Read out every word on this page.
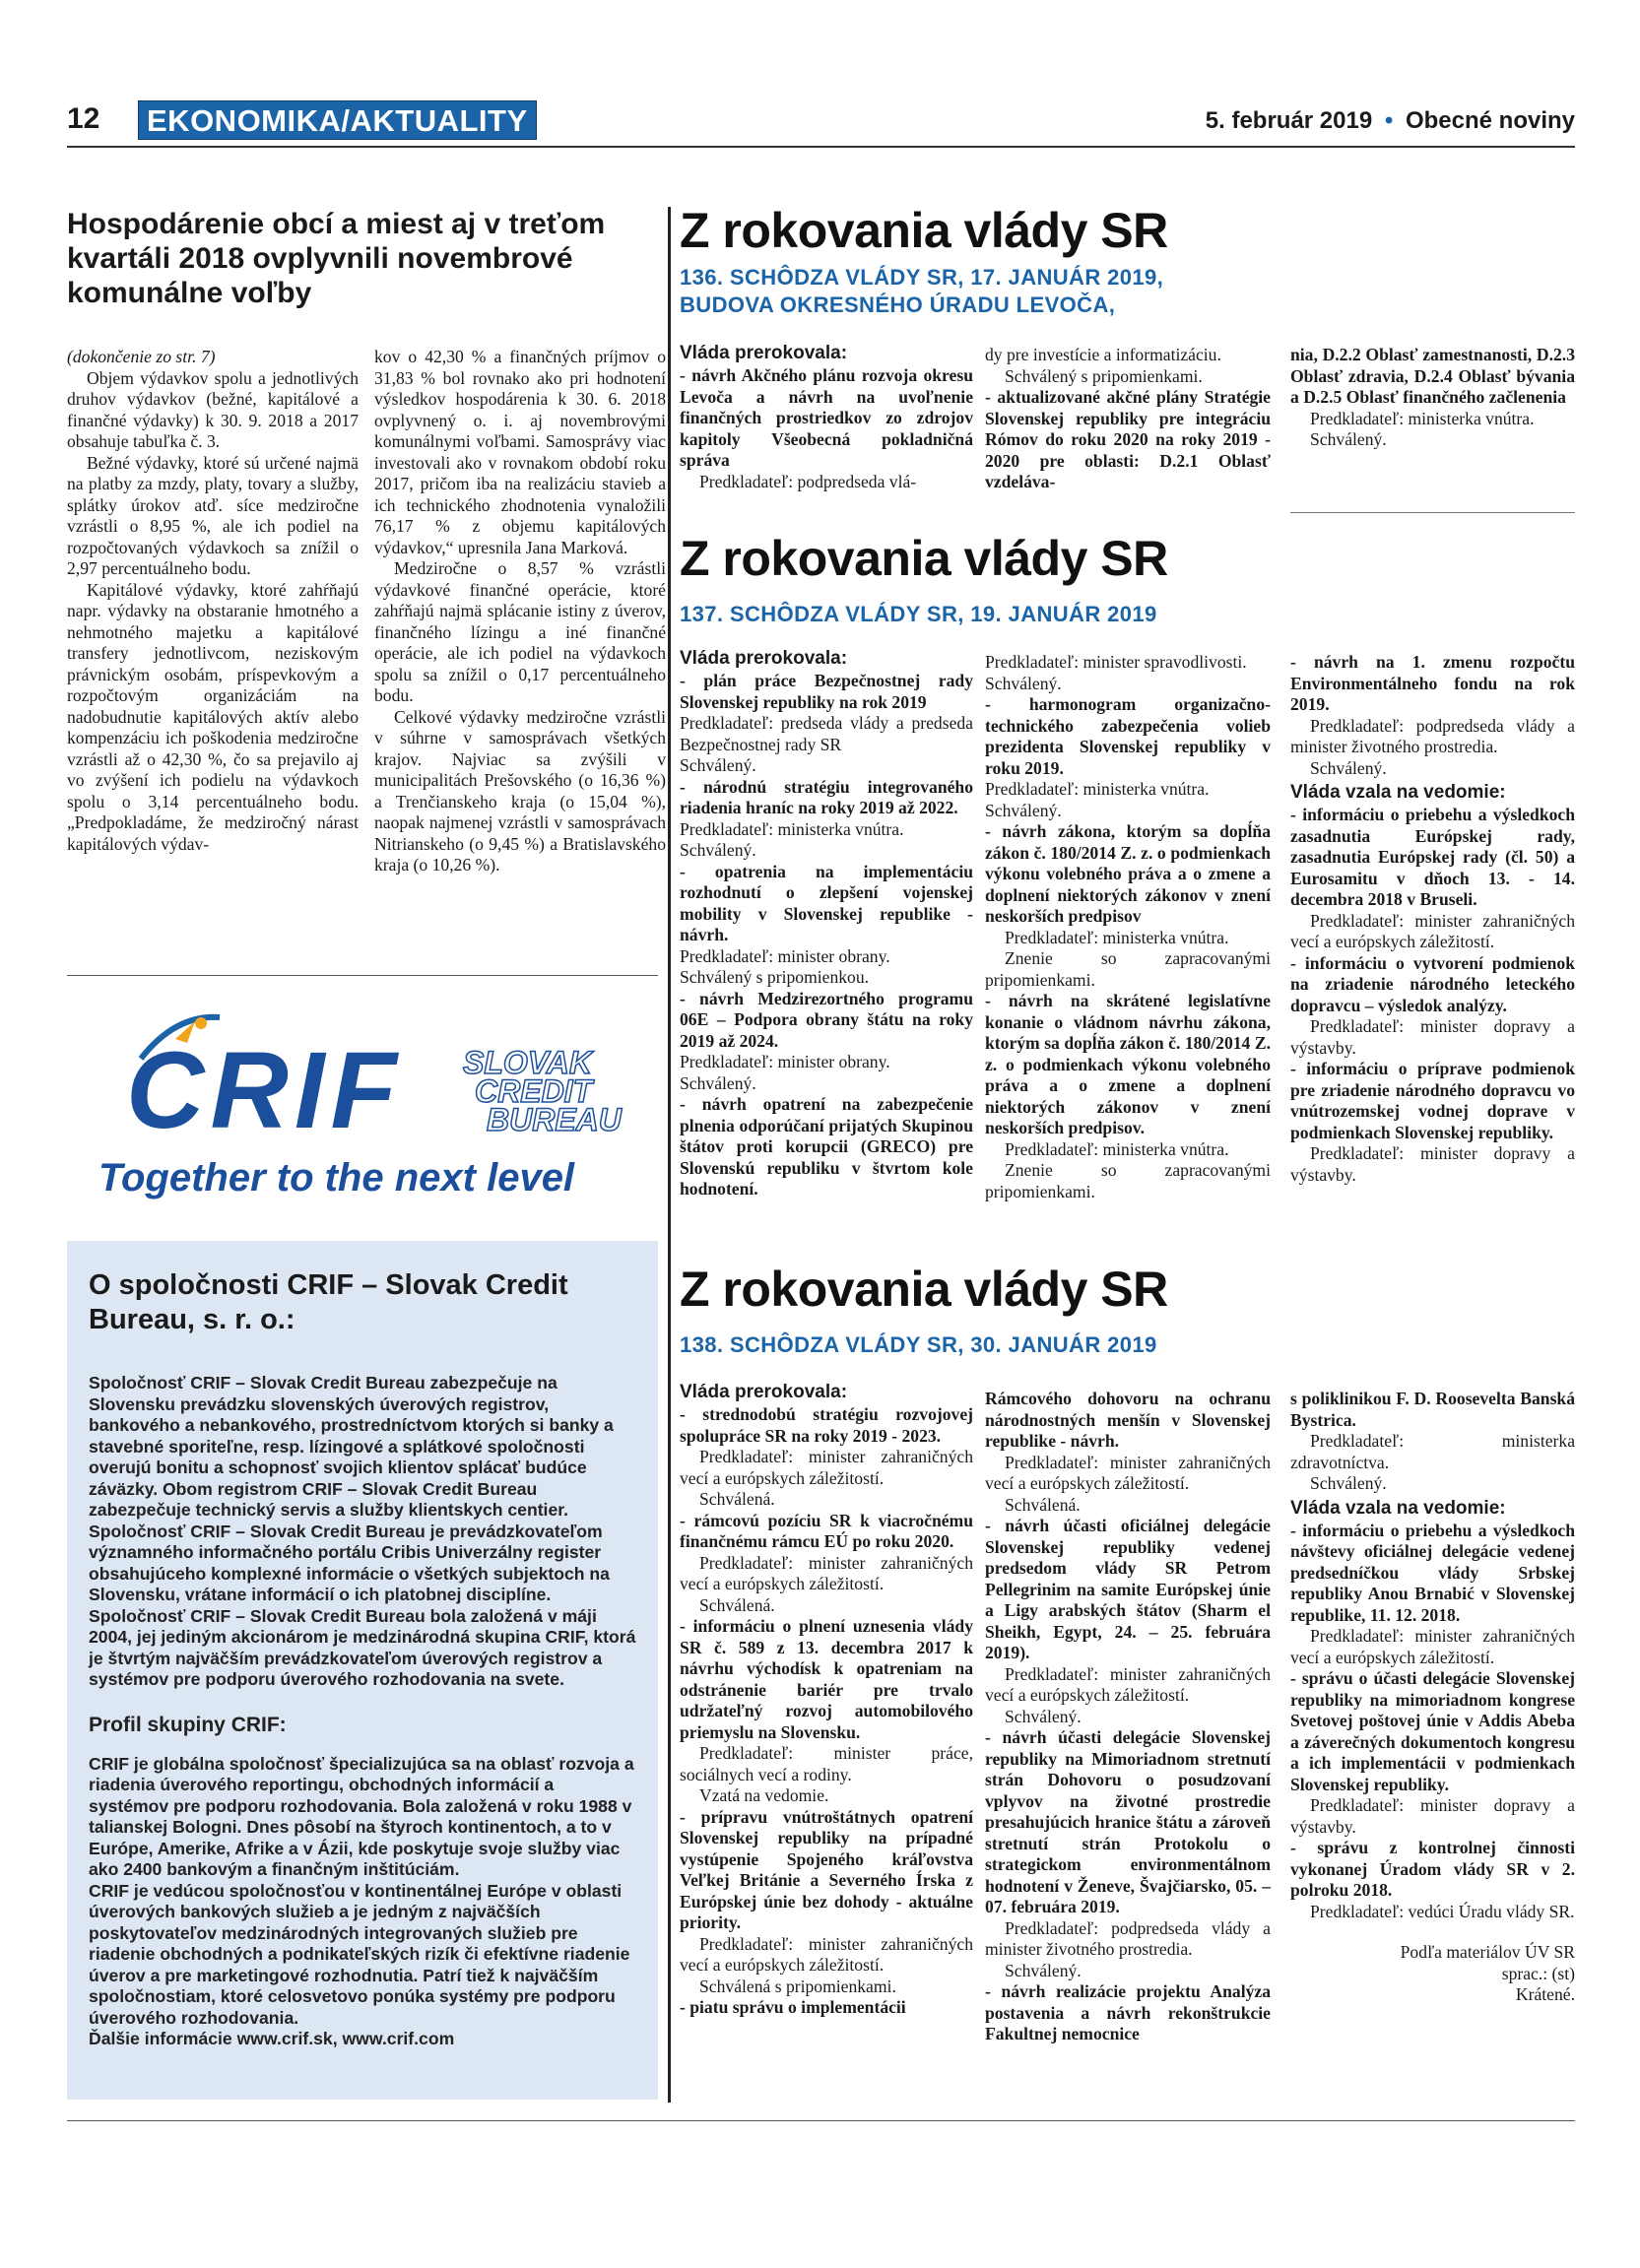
12 EKONOMIKA/AKTUALITY	5. február 2019 • Obecné noviny
Hospodárenie obcí a miest aj v treťom kvartáli 2018 ovplyvnili novembrové komunálne voľby

(dokončenie zo str. 7)

Objem výdavkov spolu a jednotlivých druhov výdavkov (bežné, kapitálové a finančné výdavky) k 30. 9. 2018 a 2017 obsahuje tabuľka č. 3.

Bežné výdavky, ktoré sú určené najmä na platby za mzdy, platy, tovary a služby, splátky úrokov atď. síce medziročne vzrástli o 8,95 %, ale ich podiel na rozpočtovaných výdavkoch sa znížil o 2,97 percentuálneho bodu.

Kapitálové výdavky, ktoré zahŕňajú napr. výdavky na obstaranie hmotného a nehmotného majetku a kapitálové transfery jednotlivcom, neziskovým právnickým osobám, príspevkovým a rozpočtovým organizáciám na nadobudnutie kapitálových aktív alebo kompenzáciu ich poškodenia medziročne vzrástli až o 42,30 %, čo sa prejavilo aj vo zvýšení ich podielu na výdavkoch spolu o 3,14 percentuálneho bodu. „Predpokladáme, že medziročný nárast kapitálových výdav-

kov o 42,30 % a finančných príjmov o 31,83 % bol rovnako ako pri hodnotení výsledkov hospodárenia k 30. 6. 2018 ovplyvnený o. i. aj novembrovými komunálnymi voľbami. Samosprávy viac investovali ako v rovnakom období roku 2017, pričom iba na realizáciu stavieb a ich technického zhodnotenia vynaložili 76,17 % z objemu kapitálových výdavkov,“ upresnila Jana Marková.

Medziročne o 8,57 % vzrástli výdavkové finančné operácie, ktoré zahŕňajú najmä splácanie istiny z úverov, finančného lízingu a iné finančné operácie, ale ich podiel na výdavkoch spolu sa znížil o 0,17 percentuálneho bodu.

Celkové výdavky medziročne vzrástli v súhrne v samosprávach všetkých krajov. Najviac sa zvýšili v municipalitách Prešovského (o 16,36 %) a Trenčianskeho kraja (o 15,04 %), naopak najmenej vzrástli v samosprávach Nitrianskeho (o 9,45 %) a Bratislavského kraja (o 10,26 %).

CRIF SLOVAK
CREDIT
BUREAU
Together to the next level
O spoločnosti CRIF – Slovak Credit Bureau, s. r. o.:
Spoločnosť CRIF – Slovak Credit Bureau zabezpečuje na Slovensku prevádzku slovenských úverových registrov, bankového a nebankového, prostredníctvom ktorých si banky a stavebné sporiteľne, resp. lízingové a splátkové spoločnosti overujú bonitu a schopnosť svojich klientov splácať budúce záväzky. Obom registrom CRIF – Slovak Credit Bureau zabezpečuje technický servis a služby klientskych centier. Spoločnosť CRIF – Slovak Credit Bureau je prevádzkovateľom významného informačného portálu Cribis Univerzálny register obsahujúceho komplexné informácie o všetkých subjektoch na Slovensku, vrátane informácií o ich platobnej disciplíne.
Spoločnosť CRIF – Slovak Credit Bureau bola založená v máji 2004, jej jediným akcionárom je medzinárodná skupina CRIF, ktorá je štvrtým najväčším prevádzkovateľom úverových registrov a systémov pre podporu úverového rozhodovania na svete.
Profil skupiny CRIF:
CRIF je globálna spoločnosť špecializujúca sa na oblasť rozvoja a riadenia úverového reportingu, obchodných informácií a systémov pre podporu rozhodovania. Bola založená v roku 1988 v talianskej Bologni. Dnes pôsobí na štyroch kontinentoch, a to v Európe, Amerike, Afrike a v Ázii, kde poskytuje svoje služby viac ako 2400 bankovým a finančným inštitúciám.
CRIF je vedúcou spoločnosťou v kontinentálnej Európe v oblasti úverových bankových služieb a je jedným z najväčších poskytovateľov medzinárodných integrovaných služieb pre riadenie obchodných a podnikateľských rizík či efektívne riadenie úverov a pre marketingové rozhodnutia. Patrí tiež k najväčším spoločnostiam, ktoré celosvetovo ponúka systémy pre podporu úverového rozhodovania.
Ďalšie informácie www.crif.sk, www.crif.com
Z rokovania vlády SR
136. SCHÔDZA VLÁDY SR, 17. JANUÁR 2019,
BUDOVA OKRESNÉHO ÚRADU LEVOČA,
Vláda prerokovala:

- návrh Akčného plánu rozvoja okresu Levoča a návrh na uvoľnenie finančných prostriedkov zo zdrojov kapitoly Všeobecná pokladničná správa

Predkladateľ: podpredseda vlá-

dy pre investície a informatizáciu.

Schválený s pripomienkami.

- aktualizované akčné plány Stratégie Slovenskej republiky pre integráciu Rómov do roku 2020 na roky 2019 - 2020 pre oblasti: D.2.1 Oblasť vzdeláva-

nia, D.2.2 Oblasť zamestnanosti, D.2.3 Oblasť zdravia, D.2.4 Oblasť bývania a D.2.5 Oblasť finančného začlenenia

Predkladateľ: ministerka vnútra.

Schválený.

Z rokovania vlády SR
137. SCHÔDZA VLÁDY SR, 19. JANUÁR 2019
Vláda prerokovala:

- plán práce Bezpečnostnej rady Slovenskej republiky na rok 2019

Predkladateľ: predseda vlády a predseda Bezpečnostnej rady SR

Schválený.

- národnú stratégiu integrovaného riadenia hraníc na roky 2019 až 2022.

Predkladateľ: ministerka vnútra.

Schválený.

- opatrenia na implementáciu rozhodnutí o zlepšení vojenskej mobility v Slovenskej republike - návrh.

Predkladateľ: minister obrany.

Schválený s pripomienkou.

- návrh Medzirezortného programu 06E – Podpora obrany štátu na roky 2019 až 2024.

Predkladateľ: minister obrany.

Schválený.

- návrh opatrení na zabezpečenie plnenia odporúčaní prijatých Skupinou štátov proti korupcii (GRECO) pre Slovenskú republiku v štvrtom kole hodnotení.

Predkladateľ: minister spravodlivosti.

Schválený.

- harmonogram organizačno-technického zabezpečenia volieb prezidenta Slovenskej republiky v roku 2019.

Predkladateľ: ministerka vnútra.

Schválený.

- návrh zákona, ktorým sa dopĺňa zákon č. 180/2014 Z. z. o podmienkach výkonu volebného práva a o zmene a doplnení niektorých zákonov v znení neskorších predpisov

Predkladateľ: ministerka vnútra.

Znenie so zapracovanými pripomienkami.

- návrh na skrátené legislatívne konanie o vládnom návrhu zákona, ktorým sa dopĺňa zákon č. 180/2014 Z. z. o podmienkach výkonu volebného práva a o zmene a doplnení niektorých zákonov v znení neskorších predpisov.

Predkladateľ: ministerka vnútra.

Znenie so zapracovanými pripomienkami.

- návrh na 1. zmenu rozpočtu Environmentálneho fondu na rok 2019.

Predkladateľ: podpredseda vlády a minister životného prostredia.

Schválený.

Vláda vzala na vedomie:

- informáciu o priebehu a výsledkoch zasadnutia Európskej rady, zasadnutia Európskej rady (čl. 50) a Eurosamitu v dňoch 13. - 14. decembra 2018 v Bruseli.

Predkladateľ: minister zahraničných vecí a európskych záležitostí.

- informáciu o vytvorení podmienok na zriadenie národného leteckého dopravcu – výsledok analýzy.

Predkladateľ: minister dopravy a výstavby.

- informáciu o príprave podmienok pre zriadenie národného dopravcu vo vnútrozemskej vodnej doprave v podmienkach Slovenskej republiky.

Predkladateľ: minister dopravy a výstavby.

Z rokovania vlády SR
138. SCHÔDZA VLÁDY SR, 30. JANUÁR 2019
Vláda prerokovala:

- strednodobú stratégiu rozvojovej spolupráce SR na roky 2019 - 2023.

Predkladateľ: minister zahraničných vecí a európskych záležitostí.

Schválená.

- rámcovú pozíciu SR k viacročnému finančnému rámcu EÚ po roku 2020.

Predkladateľ: minister zahraničných vecí a európskych záležitostí.

Schválená.

- informáciu o plnení uznesenia vlády SR č. 589 z 13. decembra 2017 k návrhu východísk k opatreniam na odstránenie bariér pre trvalo udržateľný rozvoj automobilového priemyslu na Slovensku.

Predkladateľ: minister práce, sociálnych vecí a rodiny.

Vzatá na vedomie.

- prípravu vnútroštátnych opatrení Slovenskej republiky na prípadné vystúpenie Spojeného kráľovstva Veľkej Británie a Severného Írska z Európskej únie bez dohody - aktuálne priority.

Predkladateľ: minister zahraničných vecí a európskych záležitostí.

Schválená s pripomienkami.

- piatu správu o implementácii

Rámcového dohovoru na ochranu národnostných menšín v Slovenskej republike - návrh.

Predkladateľ: minister zahraničných vecí a európskych záležitostí.

Schválená.

- návrh účasti oficiálnej delegácie Slovenskej republiky vedenej predsedom vlády SR Petrom Pellegrinim na samite Európskej únie a Ligy arabských štátov (Sharm el Sheikh, Egypt, 24. – 25. februára 2019).

Predkladateľ: minister zahraničných vecí a európskych záležitostí.

Schválený.

- návrh účasti delegácie Slovenskej republiky na Mimoriadnom stretnutí strán Dohovoru o posudzovaní vplyvov na životné prostredie presahujúcich hranice štátu a zároveň stretnutí strán Protokolu o strategickom environmentálnom hodnotení v Ženeve, Švajčiarsko, 05. – 07. februára 2019.

Predkladateľ: podpredseda vlády a minister životného prostredia.

Schválený.

- návrh realizácie projektu Analýza postavenia a návrh rekonštrukcie Fakultnej nemocnice

s poliklinikou F. D. Roosevelta Banská Bystrica.

Predkladateľ: ministerka zdravotníctva.

Schválený.

Vláda vzala na vedomie:

- informáciu o priebehu a výsledkoch návštevy oficiálnej delegácie vedenej predsedníčkou vlády Srbskej republiky Anou Brnabić v Slovenskej republike, 11. 12. 2018.

Predkladateľ: minister zahraničných vecí a európskych záležitostí.

- správu o účasti delegácie Slovenskej republiky na mimoriadnom kongrese Svetovej poštovej únie v Addis Abeba a záverečných dokumentoch kongresu a ich implementácii v podmienkach Slovenskej republiky.

Predkladateľ: minister dopravy a výstavby.

- správu z kontrolnej činnosti vykonanej Úradom vlády SR v 2. polroku 2018.

Predkladateľ: vedúci Úradu vlády SR.

Podľa materiálov ÚV SR

sprac.: (st)

Krátené.
